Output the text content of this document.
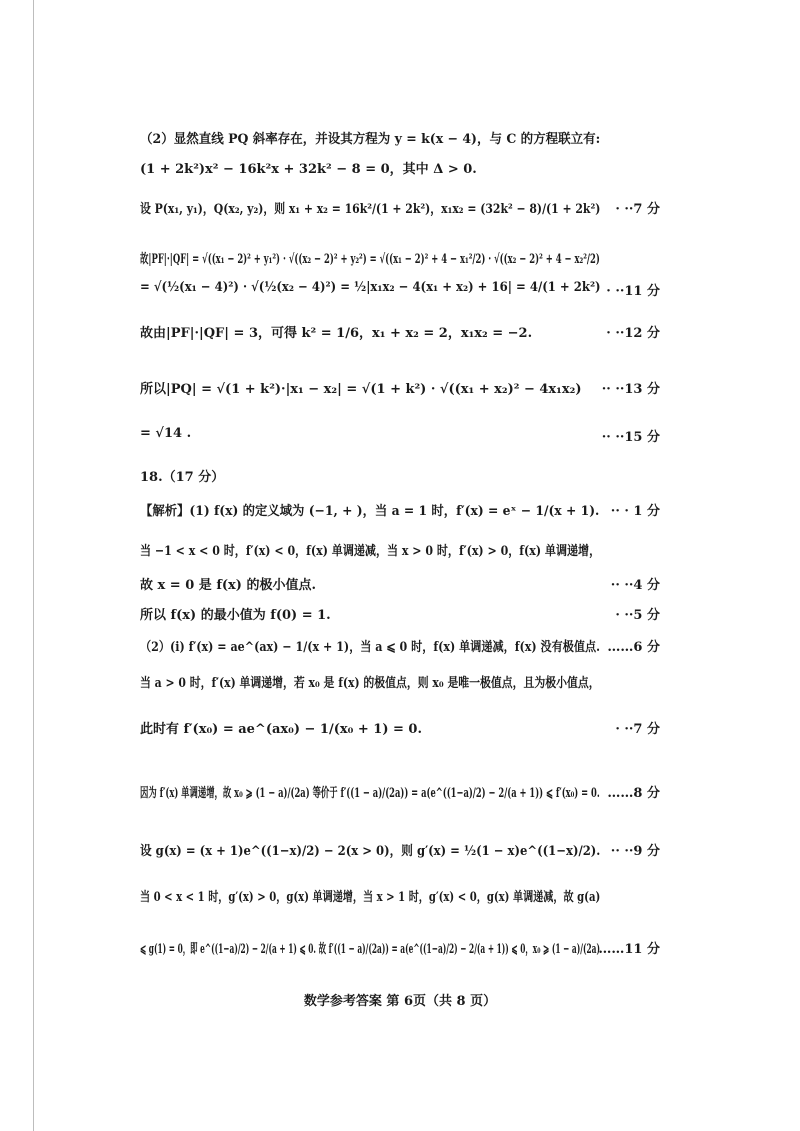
（2）显然直线 PQ 斜率存在，并设其方程为 y = k(x − 4)，与 C 的方程联立有:
(1 + 2k²)x² − 16k²x + 32k² − 8 = 0，其中 Δ > 0.
设 P(x₁, y₁)，Q(x₂, y₂)，则 x₁ + x₂ = 16k²/(1 + 2k²)，x₁x₂ = (32k² − 8)/(1 + 2k²)	· ··7 分
故|PF|·|QF| = √((x₁ − 2)² + y₁²) · √((x₂ − 2)² + y₂²) = √((x₁ − 2)² + 4 − x₁²/2) · √((x₂ − 2)² + 4 − x₂²/2)
= √(½(x₁ − 4)²) · √(½(x₂ − 4)²) = ½|x₁x₂ − 4(x₁ + x₂) + 16| = 4/(1 + 2k²) · ··11 分
故由|PF|·|QF| = 3，可得 k² = 1/6，x₁ + x₂ = 2，x₁x₂ = −2.	· ··12 分
所以|PQ| = √(1 + k²)·|x₁ − x₂| = √(1 + k²) · √((x₁ + x₂)² − 4x₁x₂)	·· ··13 分
= √14 .	·· ··15 分
18.（17 分）
【解析】(1) f(x) 的定义域为 (−1, + )，当 a = 1 时，f′(x) = eˣ − 1/(x + 1). ·· · 1 分
当 −1 < x < 0 时，f′(x) < 0，f(x) 单调递减，当 x > 0 时，f′(x) > 0，f(x) 单调递增，
故 x = 0 是 f(x) 的极小值点.	·· ··4 分
所以 f(x) 的最小值为 f(0) = 1.	· ··5 分
（2）(i) f′(x) = ae^(ax) − 1/(x + 1)，当 a ⩽ 0 时，f(x) 单调递减，f(x) 没有极值点. ……6 分
当 a > 0 时，f′(x) 单调递增，若 x₀ 是 f(x) 的极值点，则 x₀ 是唯一极值点，且为极小值点，
此时有 f′(x₀) = ae^(ax₀) − 1/(x₀ + 1) = 0.	· ··7 分
因为 f′(x) 单调递增，故 x₀ ⩾ (1 − a)/(2a) 等价于 f′((1 − a)/(2a)) = a(e^((1−a)/2) − 2/(a + 1)) ⩽ f′(x₀) = 0. ……8 分
设 g(x) = (x + 1)e^((1−x)/2) − 2(x > 0)，则 g′(x) = ½(1 − x)e^((1−x)/2). ·· ··9 分
当 0 < x < 1 时，g′(x) > 0，g(x) 单调递增，当 x > 1 时，g′(x) < 0，g(x) 单调递减，故 g(a)
⩽ g(1) = 0，即 e^((1−a)/2) − 2/(a + 1) ⩽ 0. 故 f′((1 − a)/(2a)) = a(e^((1−a)/2) − 2/(a + 1)) ⩽ 0，x₀ ⩾ (1 − a)/(2a)
……11 分
数学参考答案 第 6页（共 8 页）
